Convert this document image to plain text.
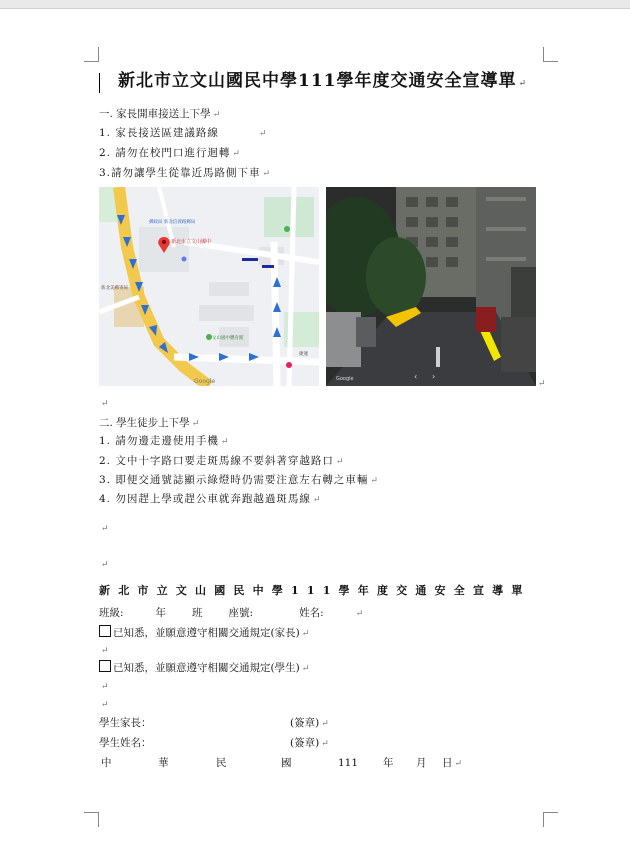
新北市立文山國民中學111學年度交通安全宣導單 ↵
一. 家長開車接送上下學 ↵
1. 家長接送區建議路線	↵
2. 請勿在校門口進行迴轉 ↵
3.請勿讓學生從靠近馬路側下車 ↵
新北市立文山國中
郵政局 新北信義路郵局
新北美郵寄局
文山國中體育館
捷運
Google	Google	‹ ›
↵
↵
二. 學生徒步上下學 ↵
1. 請勿邊走邊使用手機 ↵
2. 文中十字路口要走斑馬線不要斜著穿越路口 ↵
3. 即便交通號誌顯示綠燈時仍需要注意左右轉之車輛 ↵
4. 勿因趕上學或趕公車就奔跑越過斑馬線 ↵
↵
↵
新北市立文山國民中學111學年度交通安全宣導單
班級:	年 班 座號:	姓名:	↵
已知悉，並願意遵守相關交通規定(家長) ↵
↵
已知悉，並願意遵守相關交通規定(學生) ↵
↵
↵
學生家長：	(簽章) ↵
學生姓名：	(簽章) ↵
中	華	民	國	111 年 月 日 ↵
